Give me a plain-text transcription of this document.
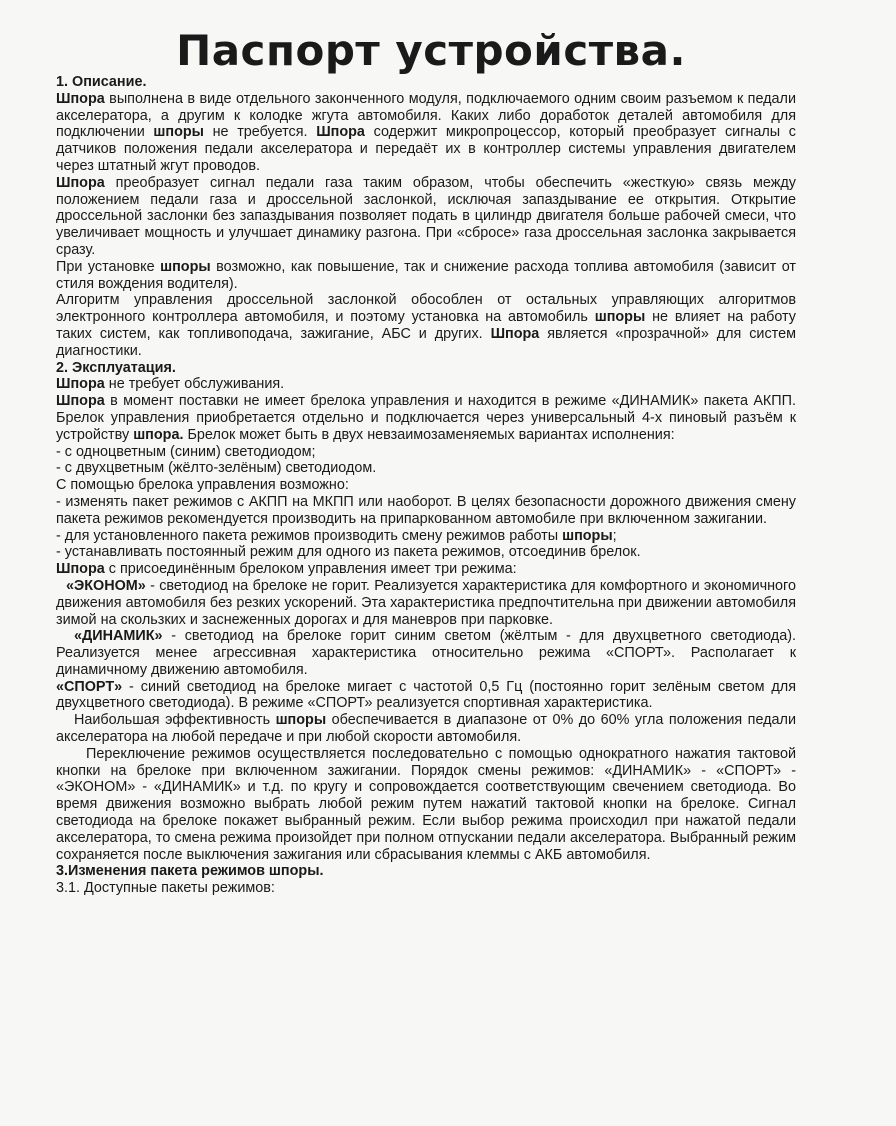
Паспорт устройства.

1. Описание.

Шпора выполнена в виде отдельного законченного модуля, подключаемого одним своим разъемом к педали акселератора, а другим к колодке жгута автомобиля. Каких либо доработок деталей автомобиля для подключении шпоры не требуется. Шпора содержит микропроцессор, который преобразует сигналы с датчиков положения педали акселератора и передаёт их в контроллер системы управления двигателем через штатный жгут проводов.

Шпора преобразует сигнал педали газа таким образом, чтобы обеспечить «жесткую» связь между положением педали газа и дроссельной заслонкой, исключая запаздывание ее открытия. Открытие дроссельной заслонки без запаздывания позволяет подать в цилиндр двигателя больше рабочей смеси, что увеличивает мощность и улучшает динамику разгона. При «сбросе» газа дроссельная заслонка закрывается сразу.

При установке шпоры возможно, как повышение, так и снижение расхода топлива автомобиля (зависит от стиля вождения водителя).

Алгоритм управления дроссельной заслонкой обособлен от остальных управляющих алгоритмов электронного контроллера автомобиля, и поэтому установка на автомобиль шпоры не влияет на работу таких систем, как топливоподача, зажигание, АБС и других. Шпора является «прозрачной» для систем диагностики.

2. Эксплуатация.

Шпора не требует обслуживания.

Шпора в момент поставки не имеет брелока управления и находится в режиме «ДИНАМИК» пакета АКПП. Брелок управления приобретается отдельно и подключается через универсальный 4-х пиновый разъём к устройству шпора. Брелок может быть в двух невзаимозаменяемых вариантах исполнения:

- с одноцветным (синим) светодиодом;

- с двухцветным (жёлто-зелёным) светодиодом.

С помощью брелока управления возможно:

- изменять пакет режимов с АКПП на МКПП или наоборот. В целях безопасности дорожного движения смену пакета режимов рекомендуется производить на припаркованном автомобиле при включенном зажигании.

- для установленного пакета режимов производить смену режимов работы шпоры;

- устанавливать постоянный режим для одного из пакета режимов, отсоединив брелок.

Шпора с присоединённым брелоком управления имеет три режима:

«ЭКОНОМ» - светодиод на брелоке не горит. Реализуется характеристика для комфортного и экономичного движения автомобиля без резких ускорений. Эта характеристика предпочтительна при движении автомобиля зимой на скользких и заснеженных дорогах и для маневров при парковке.

«ДИНАМИК» - светодиод на брелоке горит синим светом (жёлтым - для двухцветного светодиода). Реализуется менее агрессивная характеристика относительно режима «СПОРТ». Располагает к динамичному движению автомобиля.

«СПОРТ» - синий светодиод на брелоке мигает с частотой 0,5 Гц (постоянно горит зелёным светом для двухцветного светодиода). В режиме «СПОРТ» реализуется спортивная характеристика.

Наибольшая эффективность шпоры обеспечивается в диапазоне от 0% до 60% угла положения педали акселератора на любой передаче и при любой скорости автомобиля.

Переключение режимов осуществляется последовательно с помощью однократного нажатия тактовой кнопки на брелоке при включенном зажигании. Порядок смены режимов: «ДИНАМИК» - «СПОРТ» - «ЭКОНОМ» - «ДИНАМИК» и т.д. по кругу и сопровождается соответствующим свечением светодиода. Во время движения возможно выбрать любой режим путем нажатий тактовой кнопки на брелоке. Сигнал светодиода на брелоке покажет выбранный режим. Если выбор режима происходил при нажатой педали акселератора, то смена режима произойдет при полном отпускании педали акселератора. Выбранный режим сохраняется после выключения зажигания или сбрасывания клеммы с АКБ автомобиля.

3.Изменения пакета режимов шпоры.

3.1. Доступные пакеты режимов:
